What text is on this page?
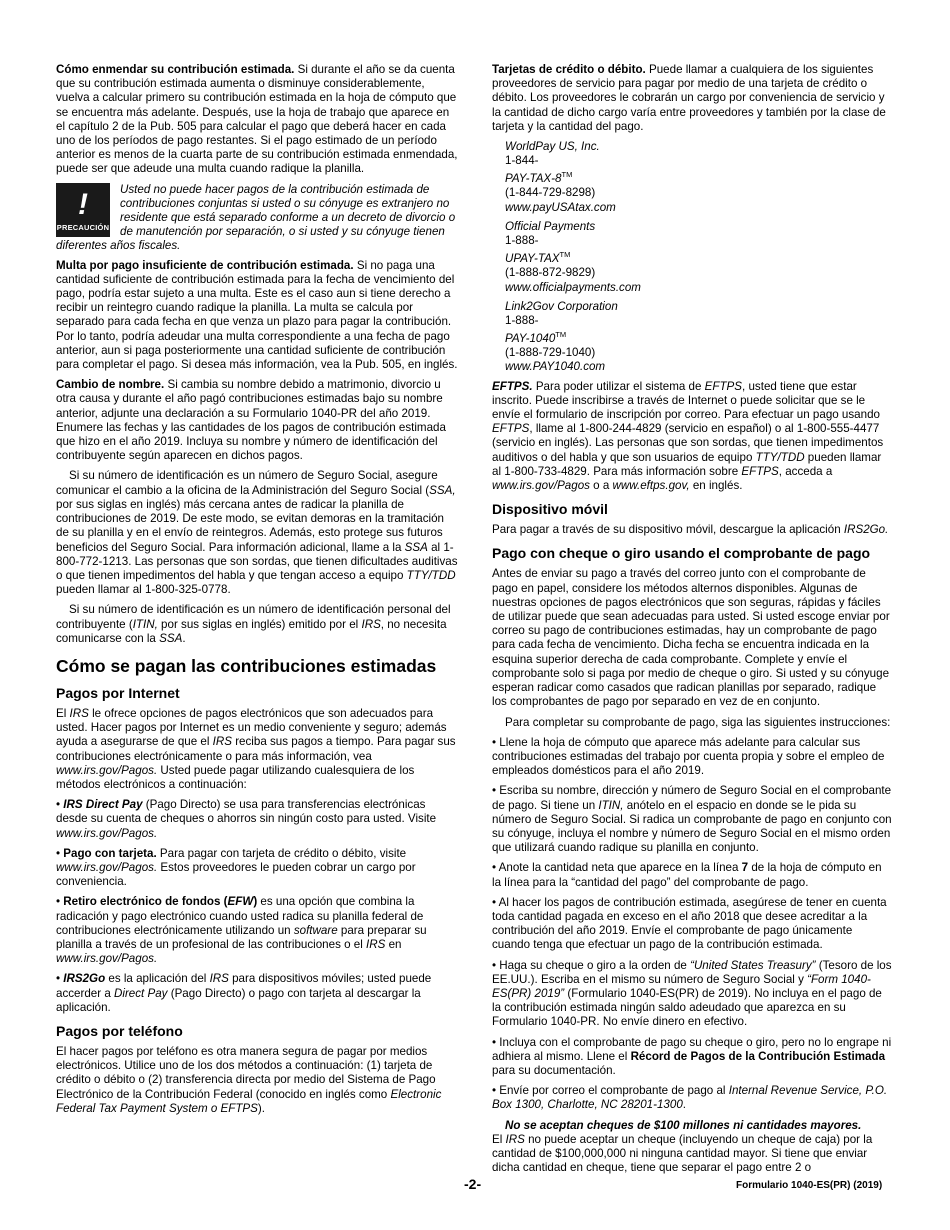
Cómo enmendar su contribución estimada. Si durante el año se da cuenta que su contribución estimada aumenta o disminuye considerablemente, vuelva a calcular primero su contribución estimada en la hoja de cómputo que se encuentra más adelante. Después, use la hoja de trabajo que aparece en el capítulo 2 de la Pub. 505 para calcular el pago que deberá hacer en cada uno de los períodos de pago restantes. Si el pago estimado de un período anterior es menos de la cuarta parte de su contribución estimada enmendada, puede ser que adeude una multa cuando radique la planilla.

!
PRECAUCIÓN
Usted no puede hacer pagos de la contribución estimada de contribuciones conjuntas si usted o su cónyuge es extranjero no residente que está separado conforme a un decreto de divorcio o de manutención por separación, o si usted y su cónyuge tienen diferentes años fiscales.

Multa por pago insuficiente de contribución estimada. Si no paga una cantidad suficiente de contribución estimada para la fecha de vencimiento del pago, podría estar sujeto a una multa. Este es el caso aun si tiene derecho a recibir un reintegro cuando radique la planilla. La multa se calcula por separado para cada fecha en que venza un plazo para pagar la contribución. Por lo tanto, podría adeudar una multa correspondiente a una fecha de pago anterior, aun si paga posteriormente una cantidad suficiente de contribución para completar el pago. Si desea más información, vea la Pub. 505, en inglés.

Cambio de nombre. Si cambia su nombre debido a matrimonio, divorcio u otra causa y durante el año pagó contribuciones estimadas bajo su nombre anterior, adjunte una declaración a su Formulario 1040-PR del año 2019. Enumere las fechas y las cantidades de los pagos de contribución estimada que hizo en el año 2019. Incluya su nombre y número de identificación del contribuyente según aparecen en dichos pagos.

Si su número de identificación es un número de Seguro Social, asegure comunicar el cambio a la oficina de la Administración del Seguro Social (SSA, por sus siglas en inglés) más cercana antes de radicar la planilla de contribuciones de 2019. De este modo, se evitan demoras en la tramitación de su planilla y en el envío de reintegros. Además, esto protege sus futuros beneficios del Seguro Social. Para información adicional, llame a la SSA al 1-800-772-1213. Las personas que son sordas, que tienen dificultades auditivas o que tienen impedimentos del habla y que tengan acceso a equipo TTY/TDD pueden llamar al 1-800-325-0778.

Si su número de identificación es un número de identificación personal del contribuyente (ITIN, por sus siglas en inglés) emitido por el IRS, no necesita comunicarse con la SSA.

Cómo se pagan las contribuciones estimadas
Pagos por Internet

El IRS le ofrece opciones de pagos electrónicos que son adecuados para usted. Hacer pagos por Internet es un medio conveniente y seguro; además ayuda a asegurarse de que el IRS reciba sus pagos a tiempo. Para pagar sus contribuciones electrónicamente o para más información, vea www.irs.gov/Pagos. Usted puede pagar utilizando cualesquiera de los métodos electrónicos a continuación:

• IRS Direct Pay (Pago Directo) se usa para transferencias electrónicas desde su cuenta de cheques o ahorros sin ningún costo para usted. Visite www.irs.gov/Pagos.

• Pago con tarjeta. Para pagar con tarjeta de crédito o débito, visite www.irs.gov/Pagos. Estos proveedores le pueden cobrar un cargo por conveniencia.

• Retiro electrónico de fondos (EFW) es una opción que combina la radicación y pago electrónico cuando usted radica su planilla federal de contribuciones electrónicamente utilizando un software para preparar su planilla a través de un profesional de las contribuciones o el IRS en www.irs.gov/Pagos.

• IRS2Go es la aplicación del IRS para dispositivos móviles; usted puede accerder a Direct Pay (Pago Directo) o pago con tarjeta al descargar la aplicación.

Pagos por teléfono

El hacer pagos por teléfono es otra manera segura de pagar por medios electrónicos. Utilice uno de los dos métodos a continuación: (1) tarjeta de crédito o débito o (2) transferencia directa por medio del Sistema de Pago Electrónico de la Contribución Federal (conocido en inglés como Electronic Federal Tax Payment System o EFTPS).

Tarjetas de crédito o débito. Puede llamar a cualquiera de los siguientes proveedores de servicio para pagar por medio de una tarjeta de crédito o débito. Los proveedores le cobrarán un cargo por conveniencia de servicio y la cantidad de dicho cargo varía entre proveedores y también por la clase de tarjeta y la cantidad del pago.

WorldPay US, Inc.
1-844-
PAY-TAX-8™
(1-844-729-8298)
www.payUSAtax.com
Official Payments
1-888-
UPAY-TAX™
(1-888-872-9829)
www.officialpayments.com
Link2Gov Corporation
1-888-
PAY-1040™
(1-888-729-1040)
www.PAY1040.com

EFTPS. Para poder utilizar el sistema de EFTPS, usted tiene que estar inscrito. Puede inscribirse a través de Internet o puede solicitar que se le envíe el formulario de inscripción por correo. Para efectuar un pago usando EFTPS, llame al 1-800-244-4829 (servicio en español) o al 1-800-555-4477 (servicio en inglés). Las personas que son sordas, que tienen impedimentos auditivos o del habla y que son usuarios de equipo TTY/TDD pueden llamar al 1-800-733-4829. Para más información sobre EFTPS, acceda a www.irs.gov/Pagos o a www.eftps.gov, en inglés.

Dispositivo móvil

Para pagar a través de su dispositivo móvil, descargue la aplicación IRS2Go.

Pago con cheque o giro usando el comprobante de pago

Antes de enviar su pago a través del correo junto con el comprobante de pago en papel, considere los métodos alternos disponibles. Algunas de nuestras opciones de pagos electrónicos que son seguras, rápidas y fáciles de utilizar puede que sean adecuadas para usted. Si usted escoge enviar por correo su pago de contribuciones estimadas, hay un comprobante de pago para cada fecha de vencimiento. Dicha fecha se encuentra indicada en la esquina superior derecha de cada comprobante. Complete y envíe el comprobante solo si paga por medio de cheque o giro. Si usted y su cónyuge esperan radicar como casados que radican planillas por separado, radique los comprobantes de pago por separado en vez de en conjunto.

Para completar su comprobante de pago, siga las siguientes instrucciones:

• Llene la hoja de cómputo que aparece más adelante para calcular sus contribuciones estimadas del trabajo por cuenta propia y sobre el empleo de empleados domésticos para el año 2019.

• Escriba su nombre, dirección y número de Seguro Social en el comprobante de pago. Si tiene un ITIN, anótelo en el espacio en donde se le pida su número de Seguro Social. Si radica un comprobante de pago en conjunto con su cónyuge, incluya el nombre y número de Seguro Social en el mismo orden que utilizará cuando radique su planilla en conjunto.

• Anote la cantidad neta que aparece en la línea 7 de la hoja de cómputo en la línea para la “cantidad del pago” del comprobante de pago.

• Al hacer los pagos de contribución estimada, asegúrese de tener en cuenta toda cantidad pagada en exceso en el año 2018 que desee acreditar a la contribución del año 2019. Envíe el comprobante de pago únicamente cuando tenga que efectuar un pago de la contribución estimada.

• Haga su cheque o giro a la orden de “United States Treasury” (Tesoro de los EE.UU.). Escriba en el mismo su número de Seguro Social y “Form 1040-ES(PR) 2019” (Formulario 1040-ES(PR) de 2019). No incluya en el pago de la contribución estimada ningún saldo adeudado que aparezca en su Formulario 1040-PR. No envíe dinero en efectivo.

• Incluya con el comprobante de pago su cheque o giro, pero no lo engrape ni adhiera al mismo. Llene el Récord de Pagos de la Contribución Estimada para su documentación.

• Envíe por correo el comprobante de pago al Internal Revenue Service, P.O. Box 1300, Charlotte, NC 28201-1300.

No se aceptan cheques de $100 millones ni cantidades mayores.
El IRS no puede aceptar un cheque (incluyendo un cheque de caja) por la cantidad de $100,000,000 ni ninguna cantidad mayor. Si tiene que enviar dicha cantidad en cheque, tiene que separar el pago entre 2 o

-2-	Formulario 1040-ES(PR) (2019)
